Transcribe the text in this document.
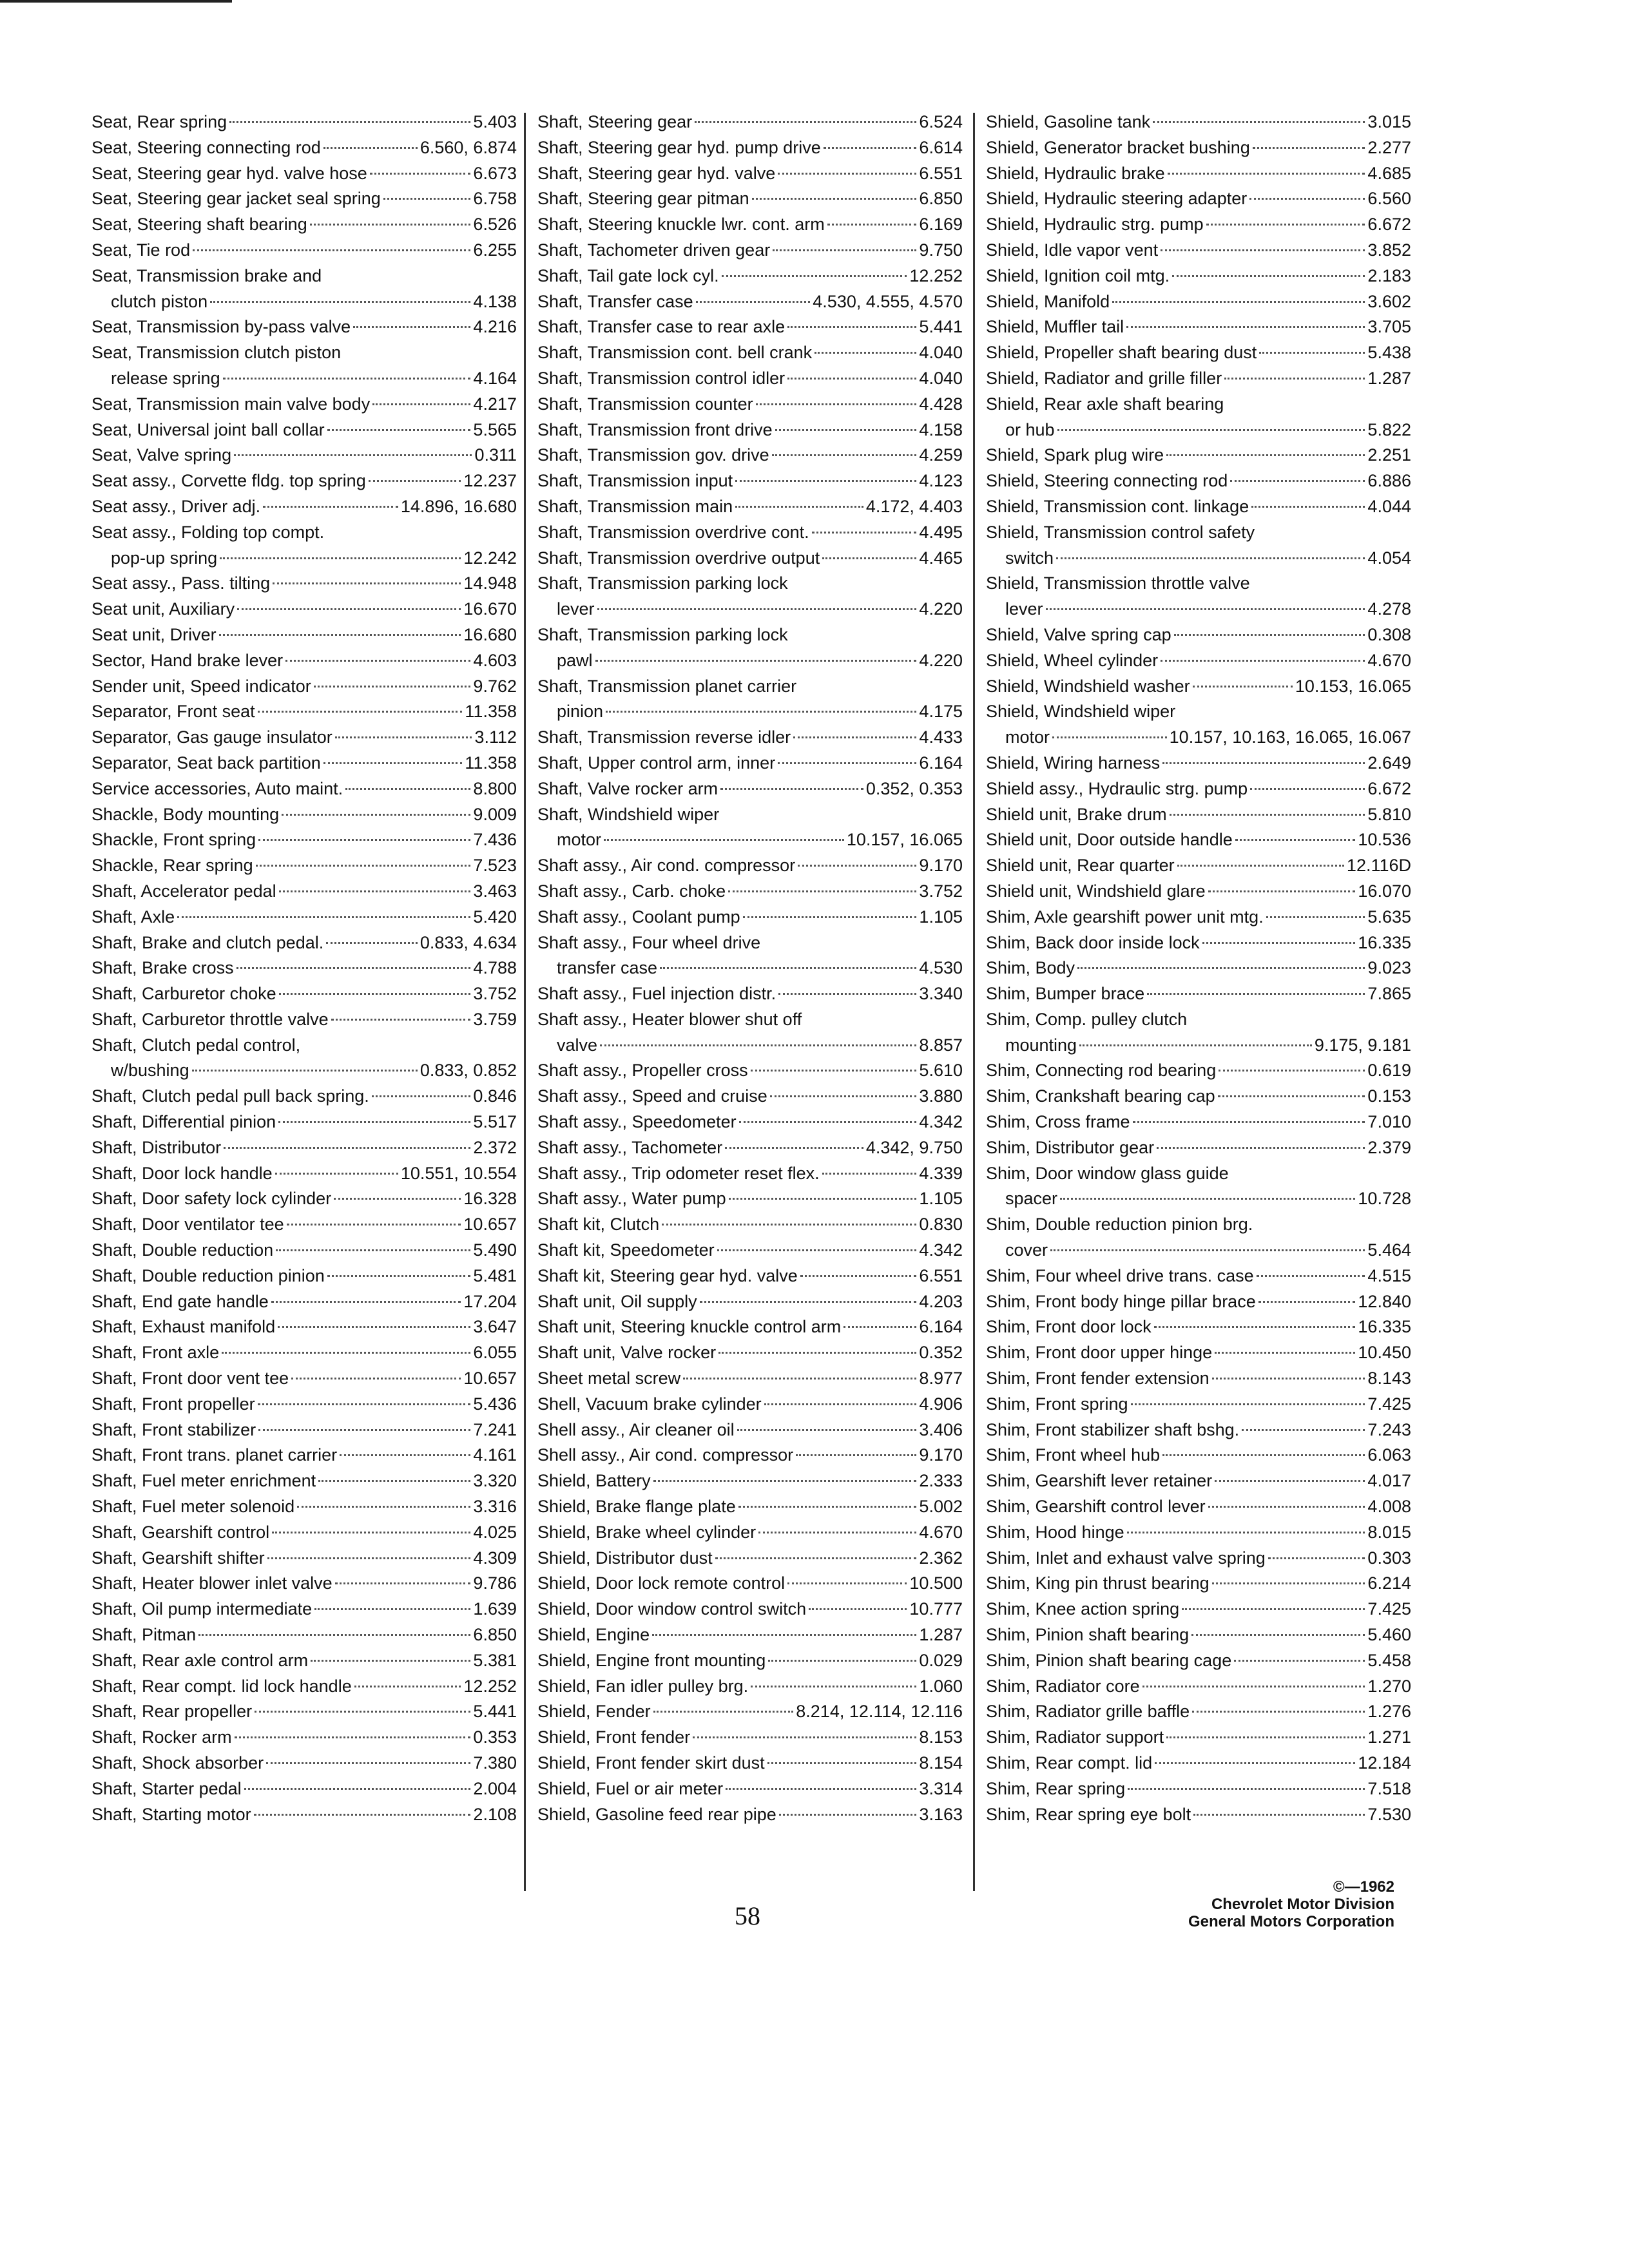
Seat, Rear spring	5.403
Seat, Steering connecting rod	6.560, 6.874
Seat, Steering gear hyd. valve hose	6.673
Seat, Steering gear jacket seal spring	6.758
Seat, Steering shaft bearing	6.526
Seat, Tie rod	6.255
Seat, Transmission brake and
clutch piston	4.138
Seat, Transmission by-pass valve	4.216
Seat, Transmission clutch piston
release spring	4.164
Seat, Transmission main valve body	4.217
Seat, Universal joint ball collar	5.565
Seat, Valve spring	0.311
Seat assy., Corvette fldg. top spring	12.237
Seat assy., Driver adj.	14.896, 16.680
Seat assy., Folding top compt.
pop-up spring	12.242
Seat assy., Pass. tilting	14.948
Seat unit, Auxiliary	16.670
Seat unit, Driver	16.680
Sector, Hand brake lever	4.603
Sender unit, Speed indicator	9.762
Separator, Front seat	11.358
Separator, Gas gauge insulator	3.112
Separator, Seat back partition	11.358
Service accessories, Auto maint.	8.800
Shackle, Body mounting	9.009
Shackle, Front spring	7.436
Shackle, Rear spring	7.523
Shaft, Accelerator pedal	3.463
Shaft, Axle	5.420
Shaft, Brake and clutch pedal.	0.833, 4.634
Shaft, Brake cross	4.788
Shaft, Carburetor choke	3.752
Shaft, Carburetor throttle valve	3.759
Shaft, Clutch pedal control,
w/bushing	0.833, 0.852
Shaft, Clutch pedal pull back spring.	0.846
Shaft, Differential pinion	5.517
Shaft, Distributor	2.372
Shaft, Door lock handle	10.551, 10.554
Shaft, Door safety lock cylinder	16.328
Shaft, Door ventilator tee	10.657
Shaft, Double reduction	5.490
Shaft, Double reduction pinion	5.481
Shaft, End gate handle	17.204
Shaft, Exhaust manifold	3.647
Shaft, Front axle	6.055
Shaft, Front door vent tee	10.657
Shaft, Front propeller	5.436
Shaft, Front stabilizer	7.241
Shaft, Front trans. planet carrier	4.161
Shaft, Fuel meter enrichment	3.320
Shaft, Fuel meter solenoid	3.316
Shaft, Gearshift control	4.025
Shaft, Gearshift shifter	4.309
Shaft, Heater blower inlet valve	9.786
Shaft, Oil pump intermediate	1.639
Shaft, Pitman	6.850
Shaft, Rear axle control arm	5.381
Shaft, Rear compt. lid lock handle	12.252
Shaft, Rear propeller	5.441
Shaft, Rocker arm	0.353
Shaft, Shock absorber	7.380
Shaft, Starter pedal	2.004
Shaft, Starting motor	2.108
Shaft, Steering gear	6.524
Shaft, Steering gear hyd. pump drive	6.614
Shaft, Steering gear hyd. valve	6.551
Shaft, Steering gear pitman	6.850
Shaft, Steering knuckle lwr. cont. arm	6.169
Shaft, Tachometer driven gear	9.750
Shaft, Tail gate lock cyl.	12.252
Shaft, Transfer case	4.530, 4.555, 4.570
Shaft, Transfer case to rear axle	5.441
Shaft, Transmission cont. bell crank	4.040
Shaft, Transmission control idler	4.040
Shaft, Transmission counter	4.428
Shaft, Transmission front drive	4.158
Shaft, Transmission gov. drive	4.259
Shaft, Transmission input	4.123
Shaft, Transmission main	4.172, 4.403
Shaft, Transmission overdrive cont.	4.495
Shaft, Transmission overdrive output	4.465
Shaft, Transmission parking lock
lever	4.220
Shaft, Transmission parking lock
pawl	4.220
Shaft, Transmission planet carrier
pinion	4.175
Shaft, Transmission reverse idler	4.433
Shaft, Upper control arm, inner	6.164
Shaft, Valve rocker arm	0.352, 0.353
Shaft, Windshield wiper
motor	10.157, 16.065
Shaft assy., Air cond. compressor	9.170
Shaft assy., Carb. choke	3.752
Shaft assy., Coolant pump	1.105
Shaft assy., Four wheel drive
transfer case	4.530
Shaft assy., Fuel injection distr.	3.340
Shaft assy., Heater blower shut off
valve	8.857
Shaft assy., Propeller cross	5.610
Shaft assy., Speed and cruise	3.880
Shaft assy., Speedometer	4.342
Shaft assy., Tachometer	4.342, 9.750
Shaft assy., Trip odometer reset flex.	4.339
Shaft assy., Water pump	1.105
Shaft kit, Clutch	0.830
Shaft kit, Speedometer	4.342
Shaft kit, Steering gear hyd. valve	6.551
Shaft unit, Oil supply	4.203
Shaft unit, Steering knuckle control arm	6.164
Shaft unit, Valve rocker	0.352
Sheet metal screw	8.977
Shell, Vacuum brake cylinder	4.906
Shell assy., Air cleaner oil	3.406
Shell assy., Air cond. compressor	9.170
Shield, Battery	2.333
Shield, Brake flange plate	5.002
Shield, Brake wheel cylinder	4.670
Shield, Distributor dust	2.362
Shield, Door lock remote control	10.500
Shield, Door window control switch	10.777
Shield, Engine	1.287
Shield, Engine front mounting	0.029
Shield, Fan idler pulley brg.	1.060
Shield, Fender	8.214, 12.114, 12.116
Shield, Front fender	8.153
Shield, Front fender skirt dust	8.154
Shield, Fuel or air meter	3.314
Shield, Gasoline feed rear pipe	3.163
Shield, Gasoline tank	3.015
Shield, Generator bracket bushing	2.277
Shield, Hydraulic brake	4.685
Shield, Hydraulic steering adapter	6.560
Shield, Hydraulic strg. pump	6.672
Shield, Idle vapor vent	3.852
Shield, Ignition coil mtg.	2.183
Shield, Manifold	3.602
Shield, Muffler tail	3.705
Shield, Propeller shaft bearing dust	5.438
Shield, Radiator and grille filler	1.287
Shield, Rear axle shaft bearing
or hub	5.822
Shield, Spark plug wire	2.251
Shield, Steering connecting rod	6.886
Shield, Transmission cont. linkage	4.044
Shield, Transmission control safety
switch	4.054
Shield, Transmission throttle valve
lever	4.278
Shield, Valve spring cap	0.308
Shield, Wheel cylinder	4.670
Shield, Windshield washer	10.153, 16.065
Shield, Windshield wiper
motor	10.157, 10.163, 16.065, 16.067
Shield, Wiring harness	2.649
Shield assy., Hydraulic strg. pump	6.672
Shield unit, Brake drum	5.810
Shield unit, Door outside handle	10.536
Shield unit, Rear quarter	12.116D
Shield unit, Windshield glare	16.070
Shim, Axle gearshift power unit mtg.	5.635
Shim, Back door inside lock	16.335
Shim, Body	9.023
Shim, Bumper brace	7.865
Shim, Comp. pulley clutch
mounting	9.175, 9.181
Shim, Connecting rod bearing	0.619
Shim, Crankshaft bearing cap	0.153
Shim, Cross frame	7.010
Shim, Distributor gear	2.379
Shim, Door window glass guide
spacer	10.728
Shim, Double reduction pinion brg.
cover	5.464
Shim, Four wheel drive trans. case	4.515
Shim, Front body hinge pillar brace	12.840
Shim, Front door lock	16.335
Shim, Front door upper hinge	10.450
Shim, Front fender extension	8.143
Shim, Front spring	7.425
Shim, Front stabilizer shaft bshg.	7.243
Shim, Front wheel hub	6.063
Shim, Gearshift lever retainer	4.017
Shim, Gearshift control lever	4.008
Shim, Hood hinge	8.015
Shim, Inlet and exhaust valve spring	0.303
Shim, King pin thrust bearing	6.214
Shim, Knee action spring	7.425
Shim, Pinion shaft bearing	5.460
Shim, Pinion shaft bearing cage	5.458
Shim, Radiator core	1.270
Shim, Radiator grille baffle	1.276
Shim, Radiator support	1.271
Shim, Rear compt. lid	12.184
Shim, Rear spring	7.518
Shim, Rear spring eye bolt	7.530
58
©—1962
Chevrolet Motor Division
General Motors Corporation
